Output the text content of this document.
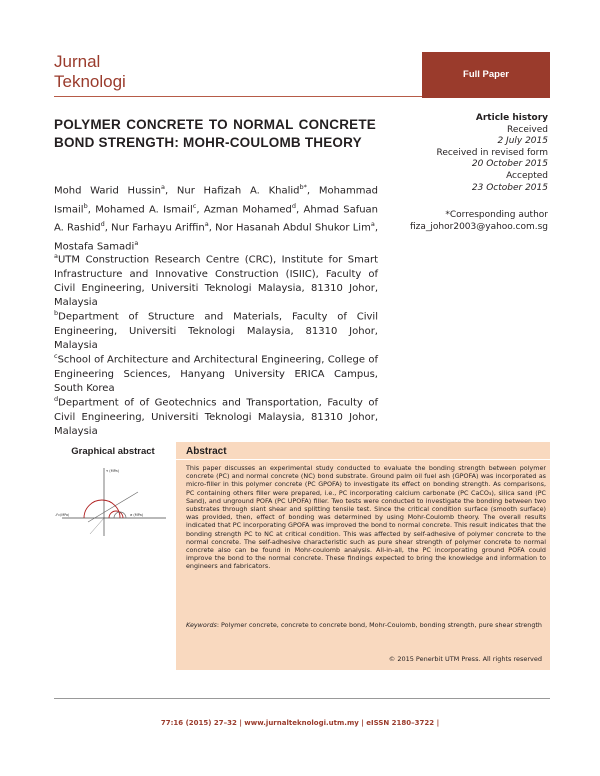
Jurnal

Teknologi	Full Paper
POLYMER CONCRETE TO NORMAL CONCRETE BOND STRENGTH: MOHR-COULOMB THEORY
Mohd Warid Hussin$^a$, Nur Hafizah A. Khalid$^{b*}$, Mohammad Ismail$^b$, Mohamed A. Ismail$^c$, Azman Mohamed$^d$, Ahmad Safuan A. Rashid$^d$, Nur Farhayu Ariffin$^a$, Nor Hasanah Abdul Shukor Lim$^a$, Mostafa Samadi$^a$
$^a$UTM Construction Research Centre (CRC), Institute for Smart Infrastructure and Innovative Construction (ISIIC), Faculty of Civil Engineering, Universiti Teknologi Malaysia, 81310 Johor, Malaysia
$^b$Department of Structure and Materials, Faculty of Civil Engineering, Universiti Teknologi Malaysia, 81310 Johor, Malaysia
$^c$School of Architecture and Architectural Engineering, College of Engineering Sciences, Hanyang University ERICA Campus, South Korea
$^d$Department of of Geotechnics and Transportation, Faculty of Civil Engineering, Universiti Teknologi Malaysia, 81310 Johor, Malaysia
Article history
Received
2 July 2015
Received in revised form
20 October 2015
Accepted
23 October 2015
*Corresponding author
fiza_johor2003@yahoo.com.sg
Graphical abstract
τ (MPa)
σ (MPa)
-f'c(MPa)
Abstract
This paper discusses an experimental study conducted to evaluate the bonding strength between polymer concrete (PC) and normal concrete (NC) bond substrate. Ground palm oil fuel ash (GPOFA) was incorporated as micro-filler in this polymer concrete (PC GPOFA) to investigate its effect on bonding strength. As comparisons, PC containing others filler were prepared, i.e., PC incorporating calcium carbonate (PC CaCO₃), silica sand (PC Sand), and unground POFA (PC UPOFA) filler. Two tests were conducted to investigate the bonding between two substrates through slant shear and splitting tensile test. Since the critical condition surface (smooth surface) was provided, then, effect of bonding was determined by using Mohr-Coulomb theory. The overall results indicated that PC incorporating GPOFA was improved the bond to normal concrete. This result indicates that the bonding strength PC to NC at critical condition. This was affected by self-adhesive of polymer concrete to the normal concrete. The self-adhesive characteristic such as pure shear strength of polymer concrete to normal concrete also can be found in Mohr-coulomb analysis. All-in-all, the PC incorporating ground POFA could improve the bond to the normal concrete. These findings expected to bring the knowledge and information to engineers and fabricators.
Keywords: Polymer concrete, concrete to concrete bond, Mohr-Coulomb, bonding strength, pure shear strength
© 2015 Penerbit UTM Press. All rights reserved
77:16 (2015) 27–32 | www.jurnalteknologi.utm.my | eISSN 2180–3722 |
